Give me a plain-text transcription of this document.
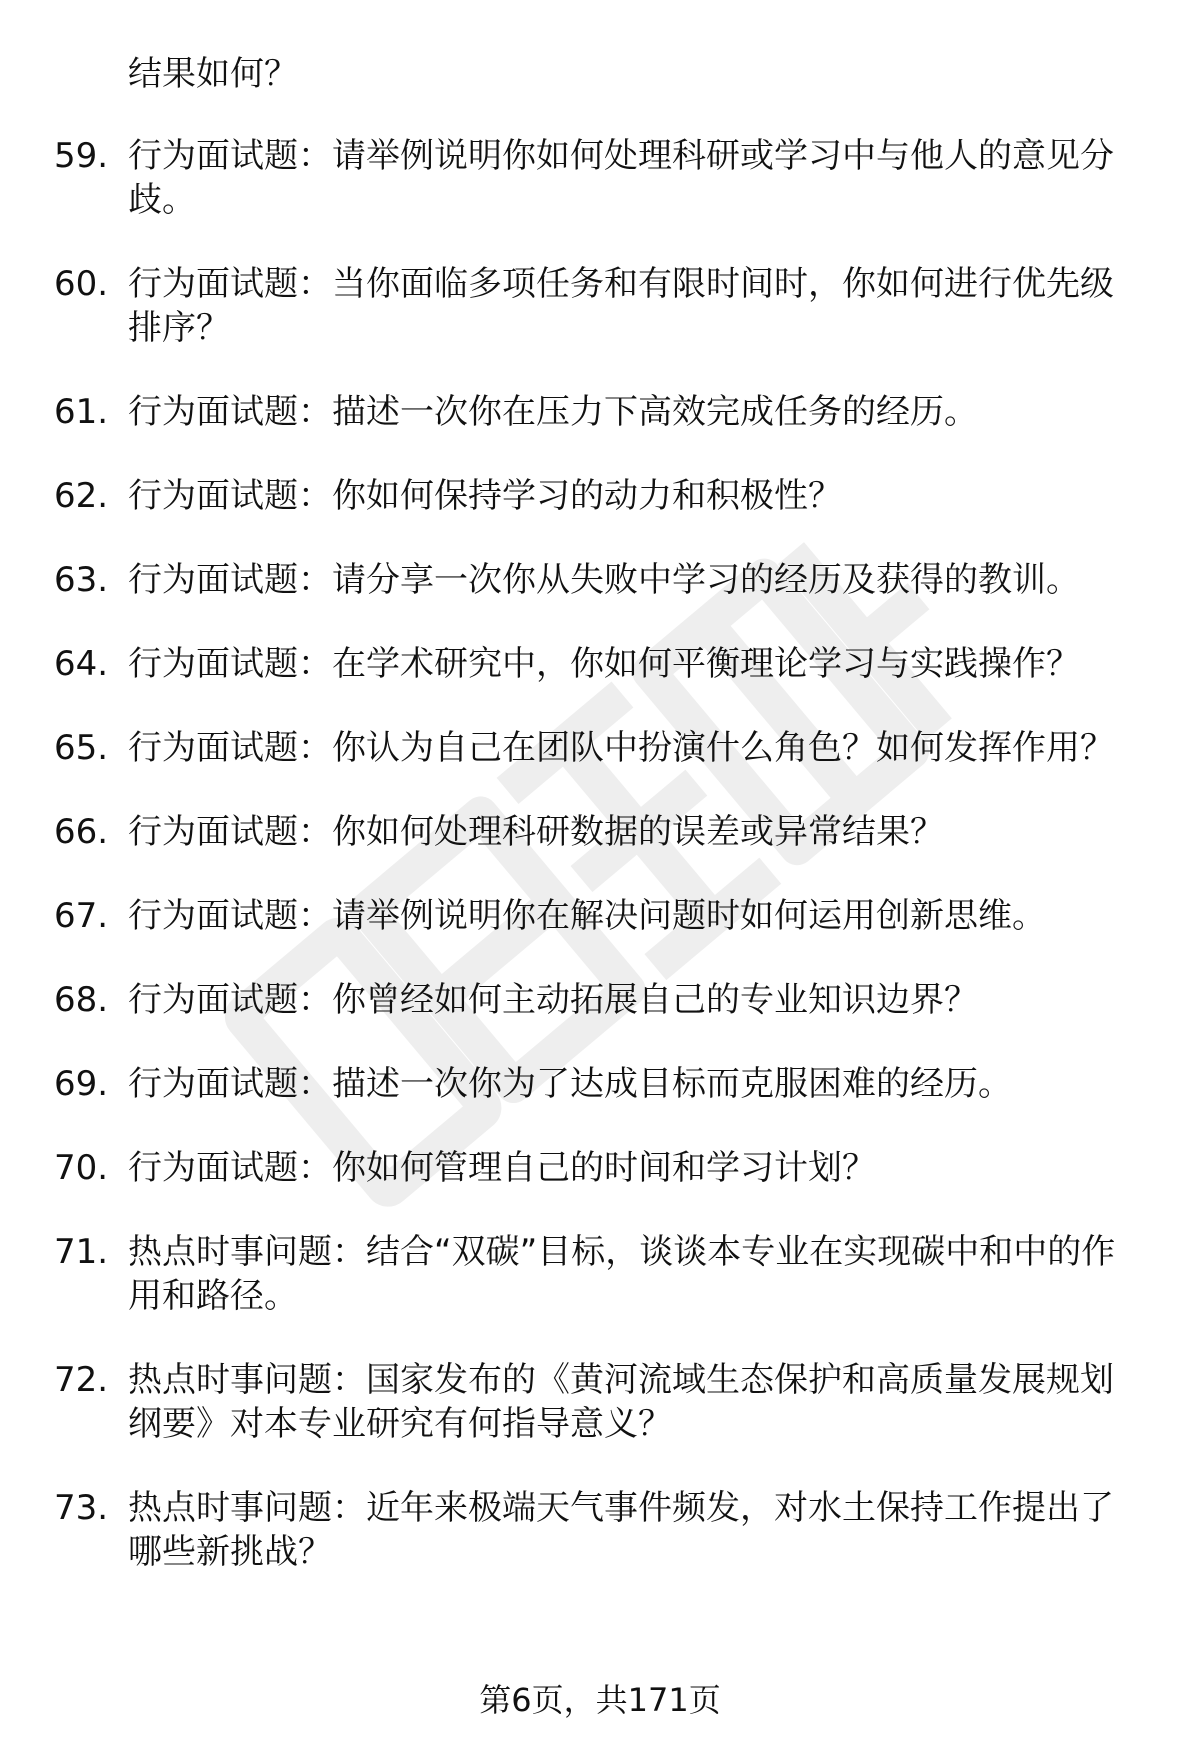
结果如何？
59. 行为面试题：请举例说明你如何处理科研或学习中与他人的意见分歧。
60. 行为面试题：当你面临多项任务和有限时间时，你如何进行优先级排序？
61. 行为面试题：描述一次你在压力下高效完成任务的经历。
62. 行为面试题：你如何保持学习的动力和积极性？
63. 行为面试题：请分享一次你从失败中学习的经历及获得的教训。
64. 行为面试题：在学术研究中，你如何平衡理论学习与实践操作？
65. 行为面试题：你认为自己在团队中扮演什么角色？如何发挥作用？
66. 行为面试题：你如何处理科研数据的误差或异常结果？
67. 行为面试题：请举例说明你在解决问题时如何运用创新思维。
68. 行为面试题：你曾经如何主动拓展自己的专业知识边界？
69. 行为面试题：描述一次你为了达成目标而克服困难的经历。
70. 行为面试题：你如何管理自己的时间和学习计划？
71. 热点时事问题：结合“双碳”目标，谈谈本专业在实现碳中和中的作用和路径。
72. 热点时事问题：国家发布的《黄河流域生态保护和高质量发展规划纲要》对本专业研究有何指导意义？
73. 热点时事问题：近年来极端天气事件频发，对水土保持工作提出了哪些新挑战？
第6页，共171页
